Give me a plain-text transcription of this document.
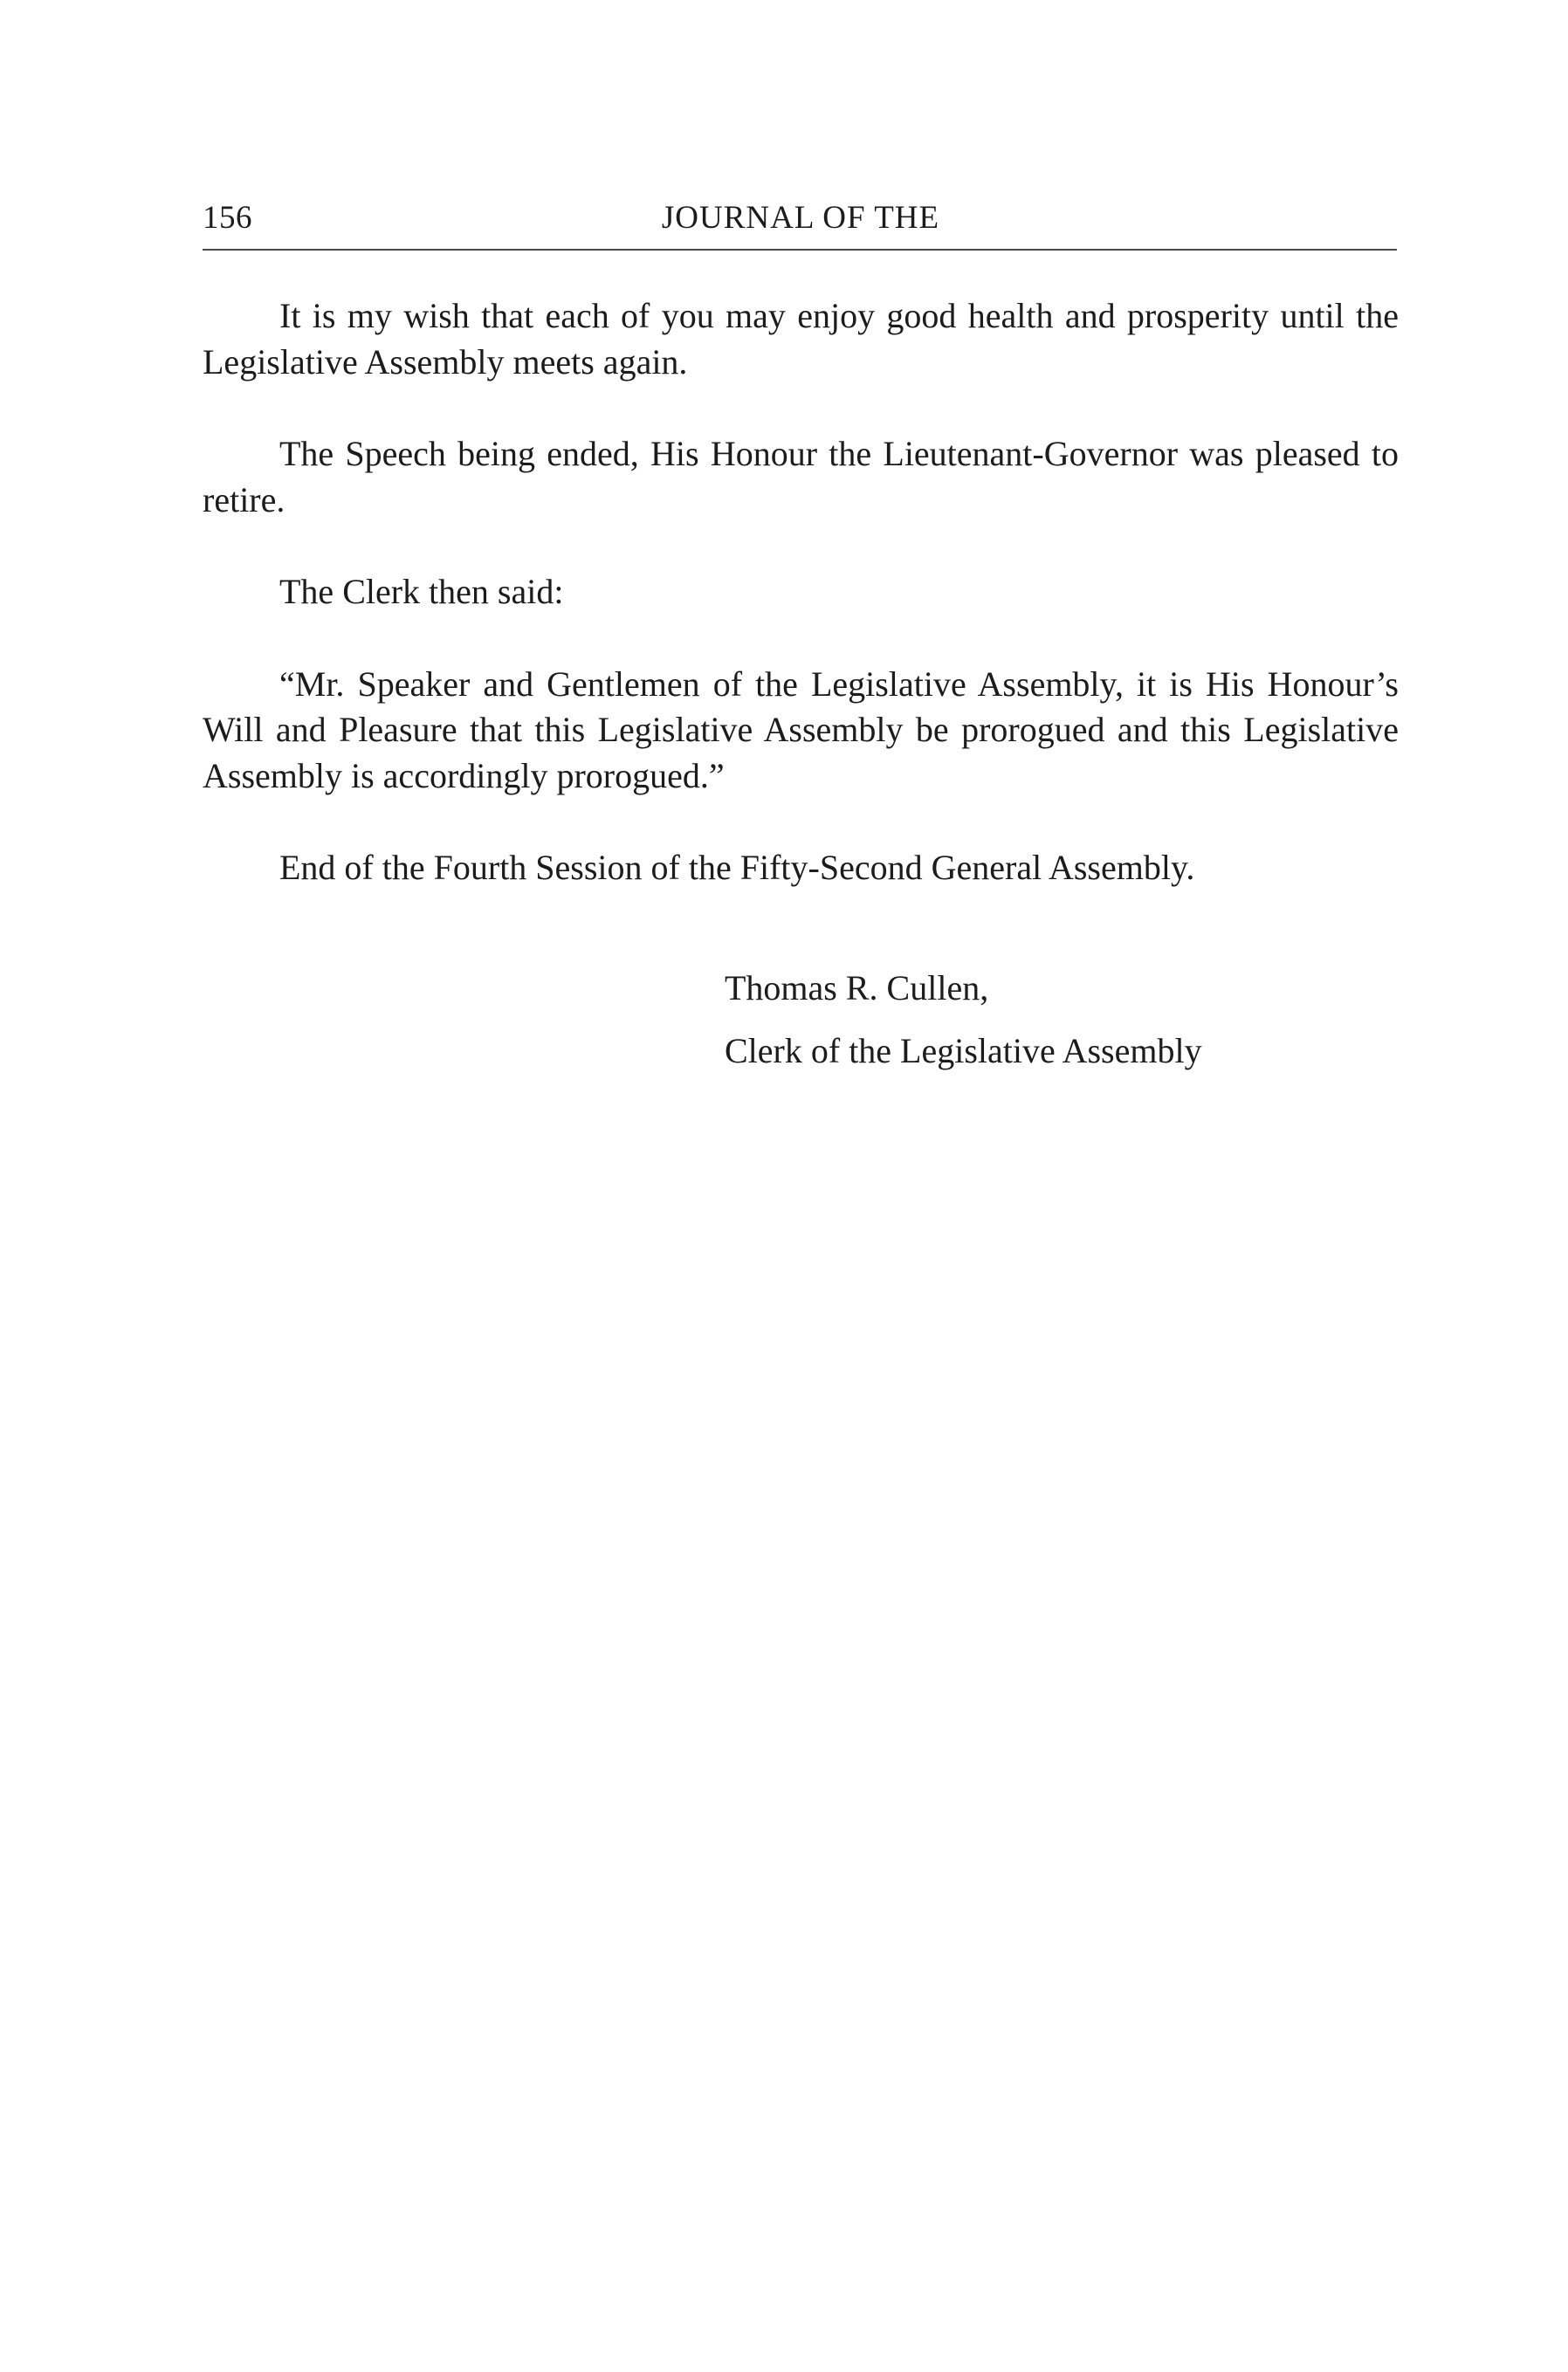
156	JOURNAL OF THE

It is my wish that each of you may enjoy good health and prosperity until the Legislative Assembly meets again.

The Speech being ended, His Honour the Lieutenant-Governor was pleased to retire.

The Clerk then said:

“Mr. Speaker and Gentlemen of the Legislative Assembly, it is His Honour’s Will and Pleasure that this Legislative Assembly be prorogued and this Legislative Assembly is accordingly prorogued.”

End of the Fourth Session of the Fifty-Second General Assembly.

Thomas R. Cullen,

Clerk of the Legislative Assembly
